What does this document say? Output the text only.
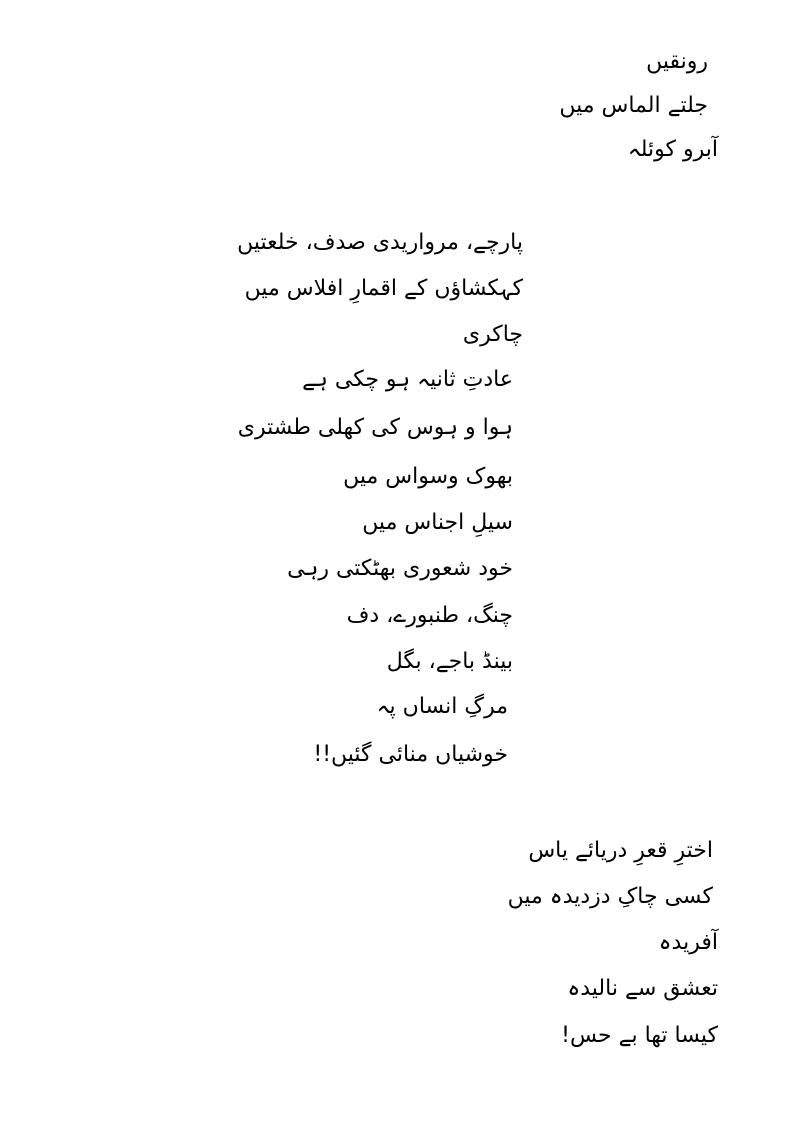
رونقیں
جلتے الماس میں
آبرو کوئلہ
پارچے، مرواریدی صدف، خلعتیں
کہکشاؤں کے اقمارِ افلاس میں
چاکری
عادتِ ثانیہ ہو چکی ہے
ہوا و ہوس کی کھلی طشتری
بھوک وسواس میں
سیلِ اجناس میں
خود شعوری بھٹکتی رہی
چنگ، طنبورے، دف
بینڈ باجے، بگل
مرگِ انساں پہ
خوشیاں منائی گئیں!!
اخترِ قعرِ دریائے یاس
کسی چاکِ دزدیدہ میں
آفریدہ
تعشق سے نالیدہ
کیسا تھا بے حس!
